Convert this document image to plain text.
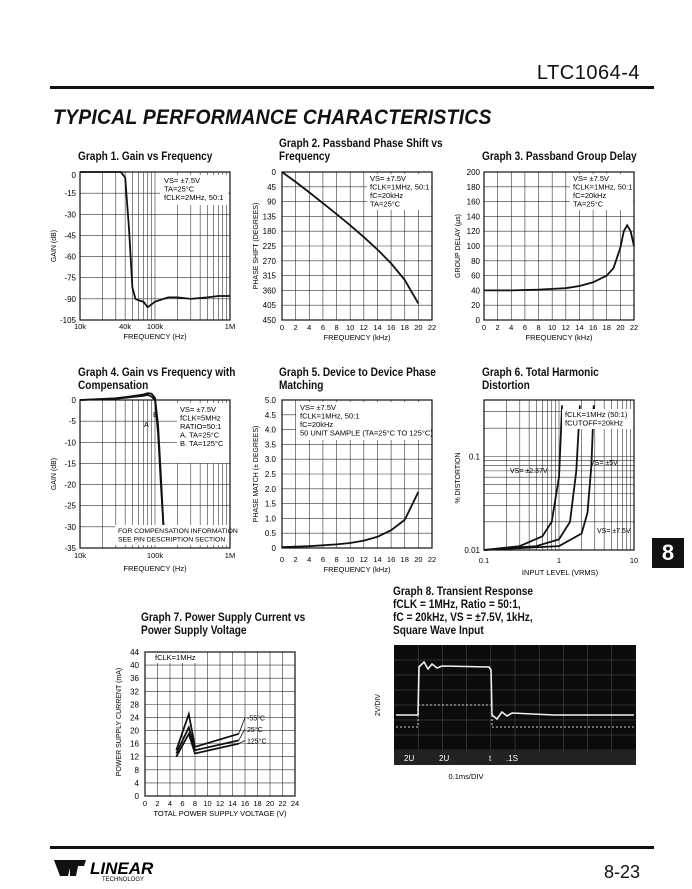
LTC1064-4
TYPICAL PERFORMANCE CHARACTERISTICS
Graph 1. Gain vs Frequency
Graph 2. Passband Phase Shift vs Frequency	Graph 3. Passband Group Delay
Graph 4. Gain vs Frequency with
Compensation
Graph 5. Device to Device Phase
Matching
Graph 6. Total Harmonic
Distortion
Graph 7. Power Supply Current vs
Power Supply Voltage
Graph 8. Transient Response
fCLK = 1MHz, Ratio = 50:1,
fC = 20kHz, VS = ±7.5V, 1kHz,
Square Wave Input
0
-15
-30
-45
-60
-75
-90
-105
10k	40k 100k	1M
GAIN (dB)
FREQUENCY (Hz)
VS= ±7.5V
TA=25°C
fCLK=2MHz, 50:1
0
45
90
135
180
225
270
315
360
405
450
0 2 4 6 8 10 12 14 16 18 20 22
PHASE SHIFT (DEGREES)
FREQUENCY (kHz)
VS= ±7.5V
fCLK=1MHz, 50:1
fC=20kHz
TA=25°C
200
180
160
140
120
100
80
60
40
20
0
0 2 4 6 8 10 12 14 16 18 20 22
GROUP DELAY (µs)
FREQUENCY (kHz)
VS= ±7.5V
fCLK=1MHz, 50:1
fC=20kHz
TA=25°C
0
-5
-10
-15
-20
-25
-30
-35
10k	100k	1M
GAIN (dB)
FREQUENCY (Hz)
VS= ±7.5V
fCLK=5MHz
RATIO=50:1
A. TA=25°C
B. TA=125°C
FOR COMPENSATION INFORMATION
SEE PIN DESCRIPTION SECTION
B
A
5.0
4.5
4.0
3.5
3.0
2.5
2.0
1.5
1.0
0.5
0
0 2 4 6 8 10 12 14 16 18 20 22
PHASE MATCH (± DEGREES)
FREQUENCY (kHz)
VS= ±7.5V
fCLK=1MHz, 50:1
fC=20kHz
50 UNIT SAMPLE (TA=25°C TO 125°C)
0.1
0.01
0.1	1	10
% DISTORTION
INPUT LEVEL (VRMS)
fCLK=1MHz (50:1)
fCUTOFF=20kHz
VS= ±2.37V
VS= ±5V
VS= ±7.5V
44
40
36
32
28
24
20
16
12
8
4
0
0 2 4 6 8 10 12 14 16 18 20 22 24
POWER SUPPLY CURRENT (mA)
TOTAL POWER SUPPLY VOLTAGE (V)
fCLK=1MHz
-55°C
25°C
125°C
2U	2U	t .1S
2V/DIV
0.1ms/DIV
8
LINEAR
TECHNOLOGY	8-23
